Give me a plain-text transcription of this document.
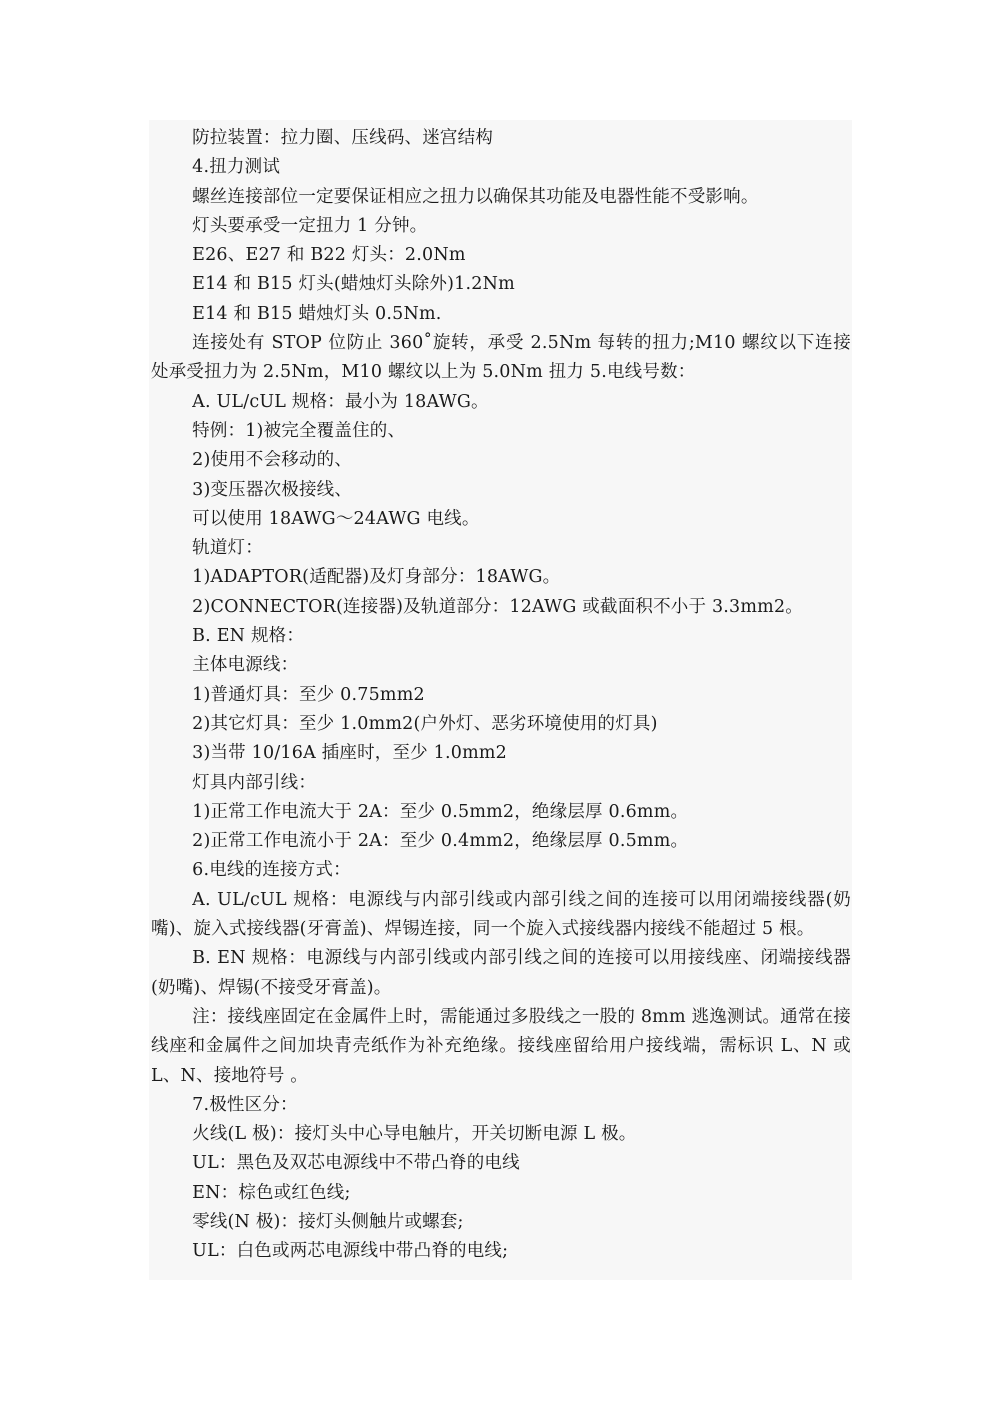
防拉装置：拉力圈、压线码、迷宫结构

4.扭力测试

螺丝连接部位一定要保证相应之扭力以确保其功能及电器性能不受影响。

灯头要承受一定扭力 1 分钟。

E26、E27 和 B22 灯头：2.0Nm

E14 和 B15 灯头(蜡烛灯头除外)1.2Nm

E14 和 B15 蜡烛灯头 0.5Nm.

连接处有 STOP 位防止 360˚旋转，承受 2.5Nm 每转的扭力;M10 螺纹以下连接处承受扭力为 2.5Nm，M10 螺纹以上为 5.0Nm 扭力 5.电线号数：

A. UL/cUL 规格：最小为 18AWG。

特例：1)被完全覆盖住的、

2)使用不会移动的、

3)变压器次极接线、

可以使用 18AWG～24AWG 电线。

轨道灯：

1)ADAPTOR(适配器)及灯身部分：18AWG。

2)CONNECTOR(连接器)及轨道部分：12AWG 或截面积不小于 3.3mm2。

B. EN 规格：

主体电源线：

1)普通灯具：至少 0.75mm2

2)其它灯具：至少 1.0mm2(户外灯、恶劣环境使用的灯具)

3)当带 10/16A 插座时，至少 1.0mm2

灯具内部引线：

1)正常工作电流大于 2A：至少 0.5mm2，绝缘层厚 0.6mm。

2)正常工作电流小于 2A：至少 0.4mm2，绝缘层厚 0.5mm。

6.电线的连接方式：

A. UL/cUL 规格：电源线与内部引线或内部引线之间的连接可以用闭端接线器(奶嘴)、旋入式接线器(牙膏盖)、焊锡连接，同一个旋入式接线器内接线不能超过 5 根。

B. EN 规格：电源线与内部引线或内部引线之间的连接可以用接线座、闭端接线器(奶嘴)、焊锡(不接受牙膏盖)。

注：接线座固定在金属件上时，需能通过多股线之一股的 8mm 逃逸测试。通常在接线座和金属件之间加块青壳纸作为补充绝缘。接线座留给用户接线端，需标识 L、N 或 L、N、接地符号 。

7.极性区分：

火线(L 极)：接灯头中心导电触片，开关切断电源 L 极。

UL：黑色及双芯电源线中不带凸脊的电线

EN：棕色或红色线;

零线(N 极)：接灯头侧触片或螺套;

UL：白色或两芯电源线中带凸脊的电线;
